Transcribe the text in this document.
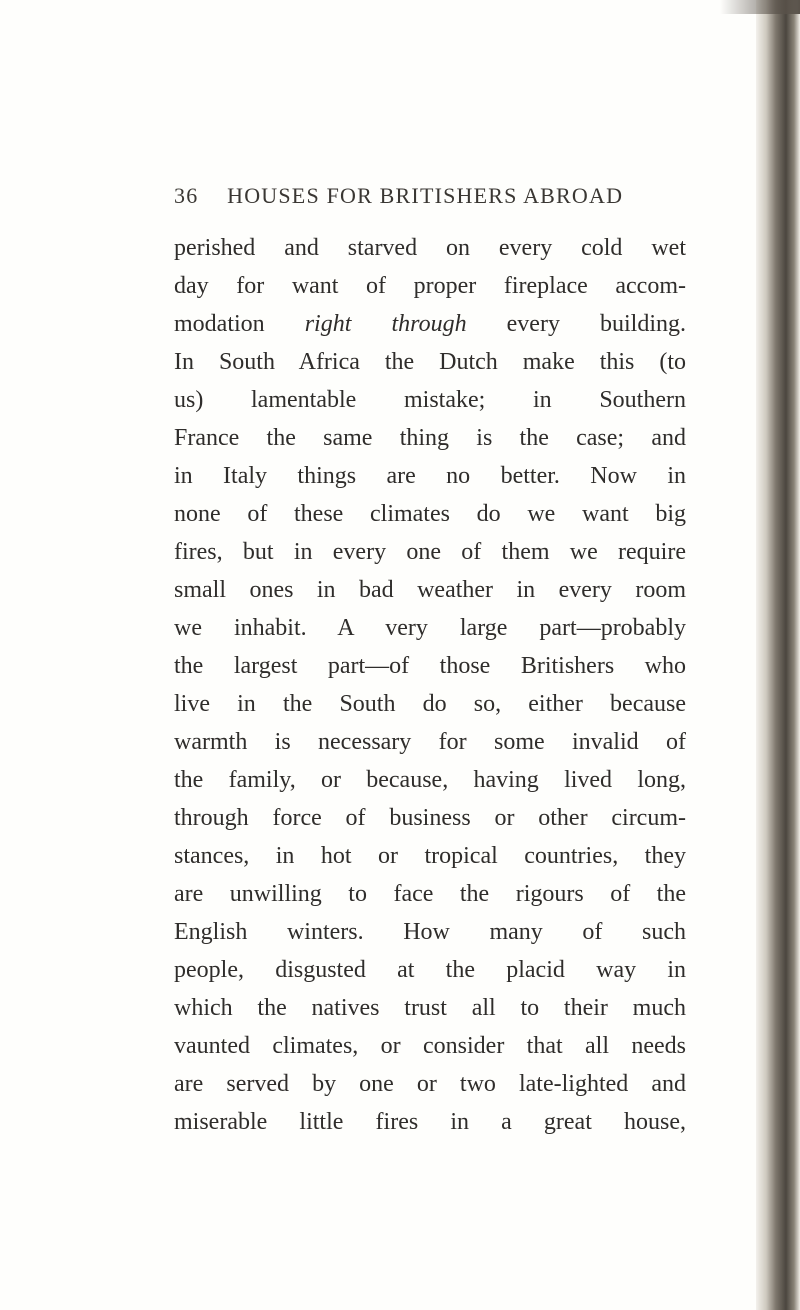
36 HOUSES FOR BRITISHERS ABROAD
perished and starved on every cold wet
day for want of proper fireplace accom-
modation right through every building.
In South Africa the Dutch make this (to
us) lamentable mistake; in Southern
France the same thing is the case; and
in Italy things are no better. Now in
none of these climates do we want big
fires, but in every one of them we require
small ones in bad weather in every room
we inhabit. A very large part—probably
the largest part—of those Britishers who
live in the South do so, either because
warmth is necessary for some invalid of
the family, or because, having lived long,
through force of business or other circum-
stances, in hot or tropical countries, they
are unwilling to face the rigours of the
English winters. How many of such
people, disgusted at the placid way in
which the natives trust all to their much
vaunted climates, or consider that all needs
are served by one or two late-lighted and
miserable little fires in a great house,
